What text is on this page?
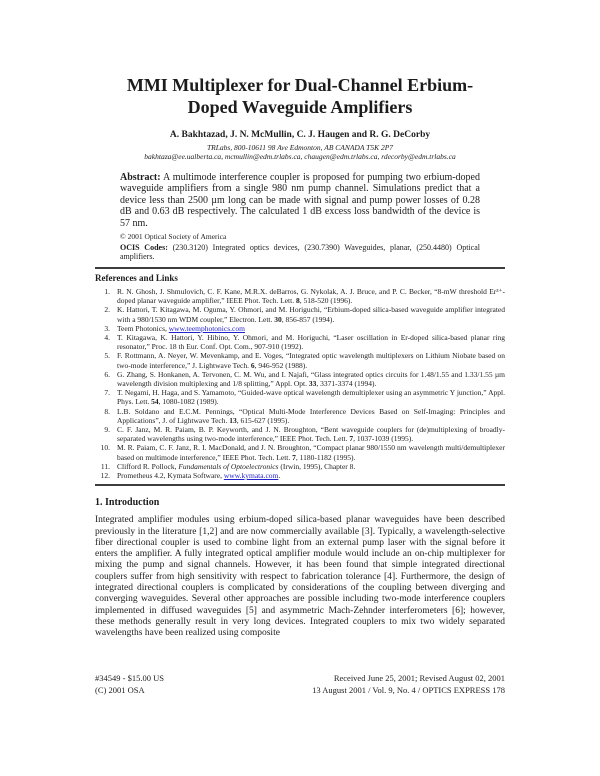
MMI Multiplexer for Dual-Channel Erbium-
Doped Waveguide Amplifiers
A. Bakhtazad, J. N. McMullin, C. J. Haugen and R. G. DeCorby
TRLabs, 800-10611 98 Ave Edmonton, AB CANADA T5K 2P7
bakhtaza@ee.ualberta.ca, mcmullin@edm.trlabs.ca, chaugen@edm.trlabs.ca, rdecorby@edm.trlabs.ca
Abstract: A multimode interference coupler is proposed for pumping two erbium-doped waveguide amplifiers from a single 980 nm pump channel. Simulations predict that a device less than 2500 µm long can be made with signal and pump power losses of 0.28 dB and 0.63 dB respectively. The calculated 1 dB excess loss bandwidth of the device is 57 nm.
© 2001 Optical Society of America
OCIS Codes: (230.3120) Integrated optics devices, (230.7390) Waveguides, planar, (250.4480) Optical amplifiers.
References and Links
1. R. N. Ghosh, J. Shmulovich, C. F. Kane, M.R.X. deBarros, G. Nykolak, A. J. Bruce, and P. C. Becker, “8-mW threshold Er³⁺-doped planar waveguide amplifier,” IEEE Phot. Tech. Lett. 8, 518-520 (1996).
2. K. Hattori, T. Kitagawa, M. Oguma, Y. Ohmori, and M. Horiguchi, “Erbium-doped silica-based waveguide amplifier integrated with a 980/1530 nm WDM coupler,” Electron. Lett. 30, 856-857 (1994).
3. Teem Photonics, www.teemphotonics.com
4. T. Kitagawa, K. Hattori, Y. Hibino, Y. Ohmori, and M. Horiguchi, “Laser oscillation in Er-doped silica-based planar ring resonator,” Proc. 18 th Eur. Conf. Opt. Com., 907-910 (1992).
5. F. Rottmann, A. Neyer, W. Mevenkamp, and E. Voges, “Integrated optic wavelength multiplexers on Lithium Niobate based on two-mode interference,” J. Lightwave Tech. 6, 946-952 (1988).
6. G. Zhang, S. Honkanen, A. Tervonen, C. M. Wu, and I. Najafi, “Glass integrated optics circuits for 1.48/1.55 and 1.33/1.55 µm wavelength division multiplexing and 1/8 splitting,” Appl. Opt. 33, 3371-3374 (1994).
7. T. Negami, H. Haga, and S. Yamamoto, “Guided-wave optical wavelength demultiplexer using an asymmetric Y junction,” Appl. Phys. Lett. 54, 1080-1082 (1989).
8. L.B. Soldano and E.C.M. Pennings, “Optical Multi-Mode Interference Devices Based on Self-Imaging: Principles and Applications”, J. of Lightwave Tech. 13, 615-627 (1995).
9. C. F. Janz, M. R. Paiam, B. P. Keyworth, and J. N. Broughton, “Bent waveguide couplers for (de)multiplexing of broadly-separated wavelengths using two-mode interference,” IEEE Phot. Tech. Lett. 7, 1037-1039 (1995).
10. M. R. Paiam, C. F. Janz, R. I. MacDonald, and J. N. Broughton, “Compact planar 980/1550 nm wavelength multi/demultiplexer based on multimode interference,” IEEE Phot. Tech. Lett. 7, 1180-1182 (1995).
11. Clifford R. Pollock, Fundamentals of Optoelectronics (Irwin, 1995), Chapter 8.
12. Prometheus 4.2, Kymata Software, www.kymata.com.
1. Introduction
Integrated amplifier modules using erbium-doped silica-based planar waveguides have been described previously in the literature [1,2] and are now commercially available [3]. Typically, a wavelength-selective fiber directional coupler is used to combine light from an external pump laser with the signal before it enters the amplifier. A fully integrated optical amplifier module would include an on-chip multiplexer for mixing the pump and signal channels. However, it has been found that simple integrated directional couplers suffer from high sensitivity with respect to fabrication tolerance [4]. Furthermore, the design of integrated directional couplers is complicated by considerations of the coupling between diverging and converging waveguides. Several other approaches are possible including two-mode interference couplers implemented in diffused waveguides [5] and asymmetric Mach-Zehnder interferometers [6]; however, these methods generally result in very long devices. Integrated couplers to mix two widely separated wavelengths have been realized using composite
#34549 - $15.00 US
(C) 2001 OSA
Received June 25, 2001; Revised August 02, 2001
13 August 2001 / Vol. 9, No. 4 / OPTICS EXPRESS 178
